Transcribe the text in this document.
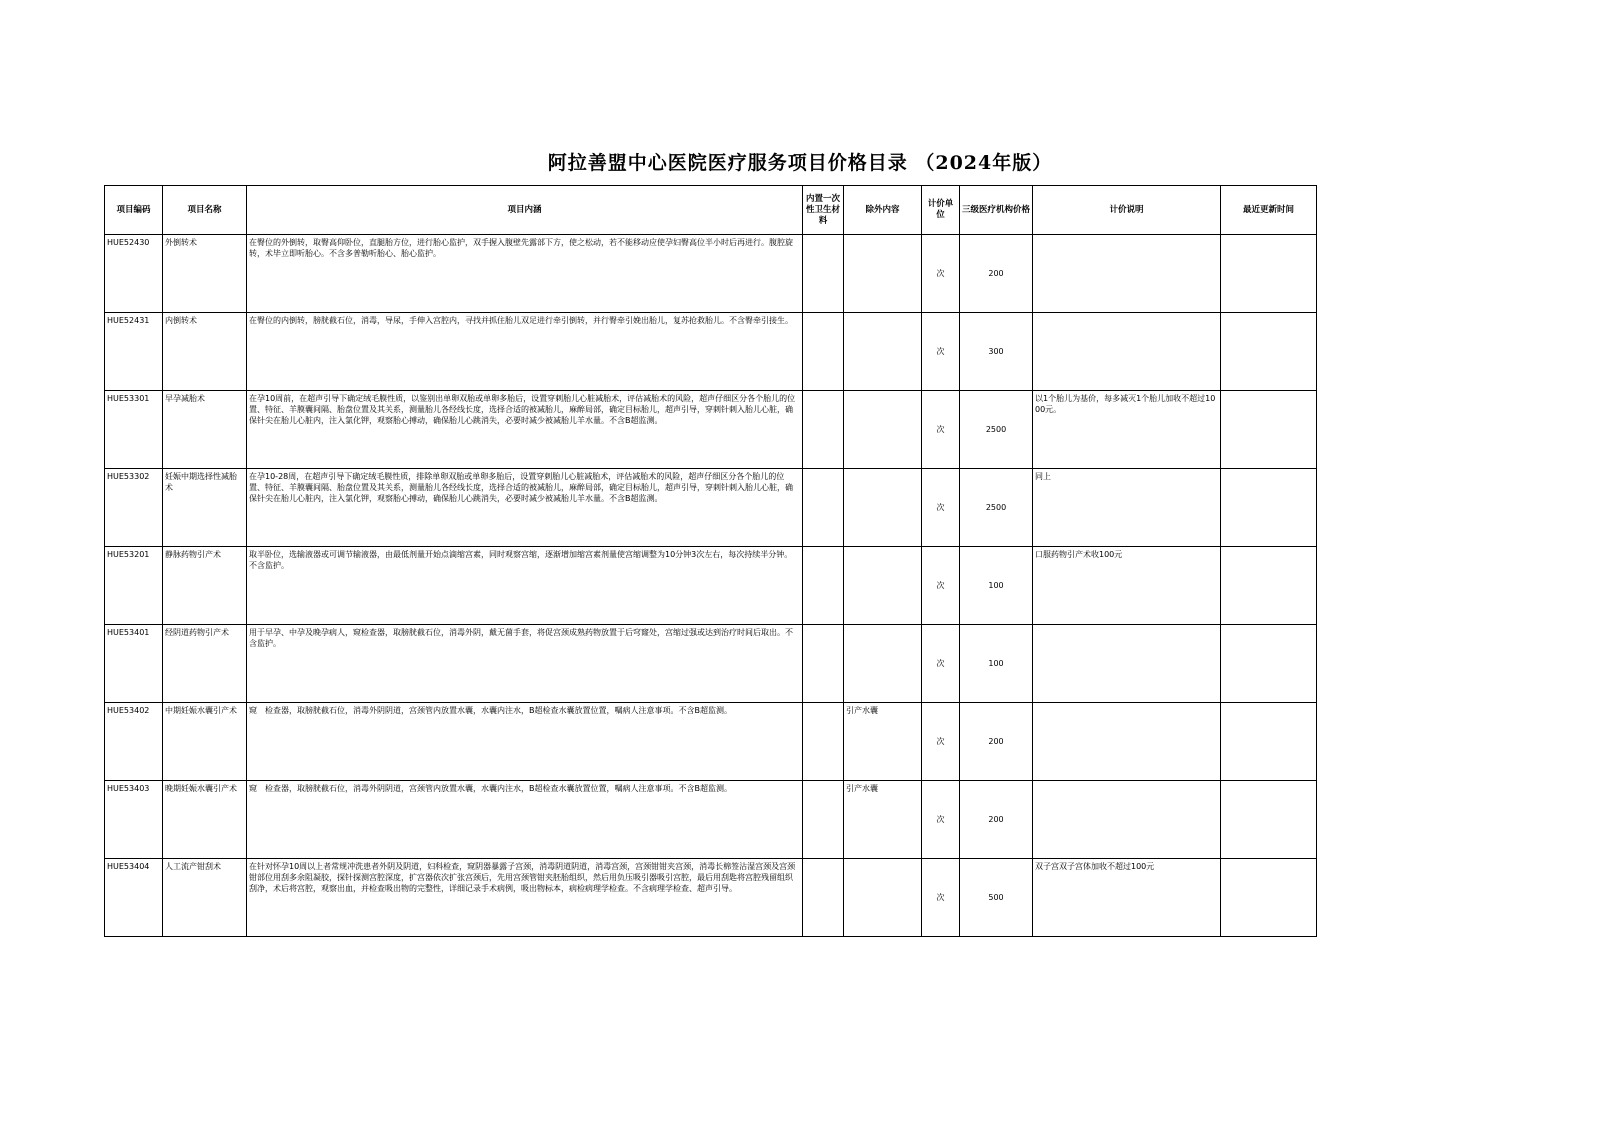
阿拉善盟中心医院医疗服务项目价格目录 （2024年版）
项目编码	项目名称	项目内涵	内置一次性卫生材料	除外内容	计价单位	三级医疗机构价格	计价说明	最近更新时间
HUE52430	外倒转术	在臀位的外倒转，取臀高仰卧位，直腿胎方位，进行胎心监护，双手握入腹壁先露部下方，使之松动，若不能移动应使孕妇臀高位半小时后再进行。腹腔旋转，术毕立即听胎心。不含多普勒听胎心、胎心监护。			次	200		
HUE52431	内倒转术	在臀位的内倒转，膀胱截石位，消毒，导尿，手伸入宫腔内，寻找并抓住胎儿双足进行牵引倒转，并行臀牵引娩出胎儿，复苏抢救胎儿。不含臀牵引接生。			次	300		
HUE53301	早孕减胎术	在孕10周前，在超声引导下确定绒毛膜性质，以鉴别出单卵双胎或单卵多胎后，设置穿刺胎儿心脏减胎术，评估减胎术的风险，超声仔细区分各个胎儿的位置、特征、羊膜囊间隔、胎盘位置及其关系，测量胎儿各经线长度，选择合适的被减胎儿，麻醉局部，确定目标胎儿，超声引导，穿刺针刺入胎儿心脏，确保针尖在胎儿心脏内，注入氯化钾，观察胎心搏动，确保胎儿心跳消失，必要时减少被减胎儿羊水量。不含B超监测。			次	2500	以1个胎儿为基价，每多减灭1个胎儿加收不超过1000元。	
HUE53302	妊娠中期选择性减胎术	在孕10-28周，在超声引导下确定绒毛膜性质，排除单卵双胎或单卵多胎后，设置穿刺胎儿心脏减胎术，评估减胎术的风险，超声仔细区分各个胎儿的位置、特征、羊膜囊间隔、胎盘位置及其关系，测量胎儿各经线长度，选择合适的被减胎儿，麻醉局部，确定目标胎儿，超声引导，穿刺针刺入胎儿心脏，确保针尖在胎儿心脏内，注入氯化钾，观察胎心搏动，确保胎儿心跳消失，必要时减少被减胎儿羊水量。不含B超监测。			次	2500	同上	
HUE53201	静脉药物引产术	取半卧位，选输液器或可调节输液器，由最低剂量开始点滴缩宫素，同时观察宫缩，逐渐增加缩宫素剂量使宫缩调整为10分钟3次左右，每次持续半分钟。不含监护。			次	100	口服药物引产术收100元	
HUE53401	经阴道药物引产术	用于早孕、中孕及晚孕病人，窥检查器，取膀胱截石位，消毒外阴，戴无菌手套，将促宫颈成熟药物放置于后穹窿处，宫缩过强或达到治疗时间后取出。不含监护。			次	100		
HUE53402	中期妊娠水囊引产术	窥　检查器，取膀胱截石位，消毒外阴阴道，宫颈管内放置水囊，水囊内注水，B超检查水囊放置位置，嘱病人注意事项。不含B超监测。		引产水囊	次	200		
HUE53403	晚期妊娠水囊引产术	窥　检查器，取膀胱截石位，消毒外阴阴道，宫颈管内放置水囊，水囊内注水，B超检查水囊放置位置，嘱病人注意事项。不含B超监测。		引产水囊	次	200		
HUE53404	人工流产钳刮术	在针对怀孕10周以上者常规冲洗患者外阴及阴道，妇科检查，窥阴器暴露子宫颈，消毒阴道阴道，消毒宫颈，宫颈钳钳夹宫颈，消毒长棉签沾湿宫颈及宫颈钳部位用刮多余阻凝胶，探针探测宫腔深度，扩宫器依次扩张宫颈后，先用宫颈管钳夹胚胎组织，然后用负压吸引器吸引宫腔，最后用刮匙将宫腔残留组织刮净，术后将宫腔，观察出血，并检查吸出物的完整性，详细记录手术病例，吸出物标本，病检病理学检查。不含病理学检查、超声引导。			次	500	双子宫双子宫体加收不超过100元	
